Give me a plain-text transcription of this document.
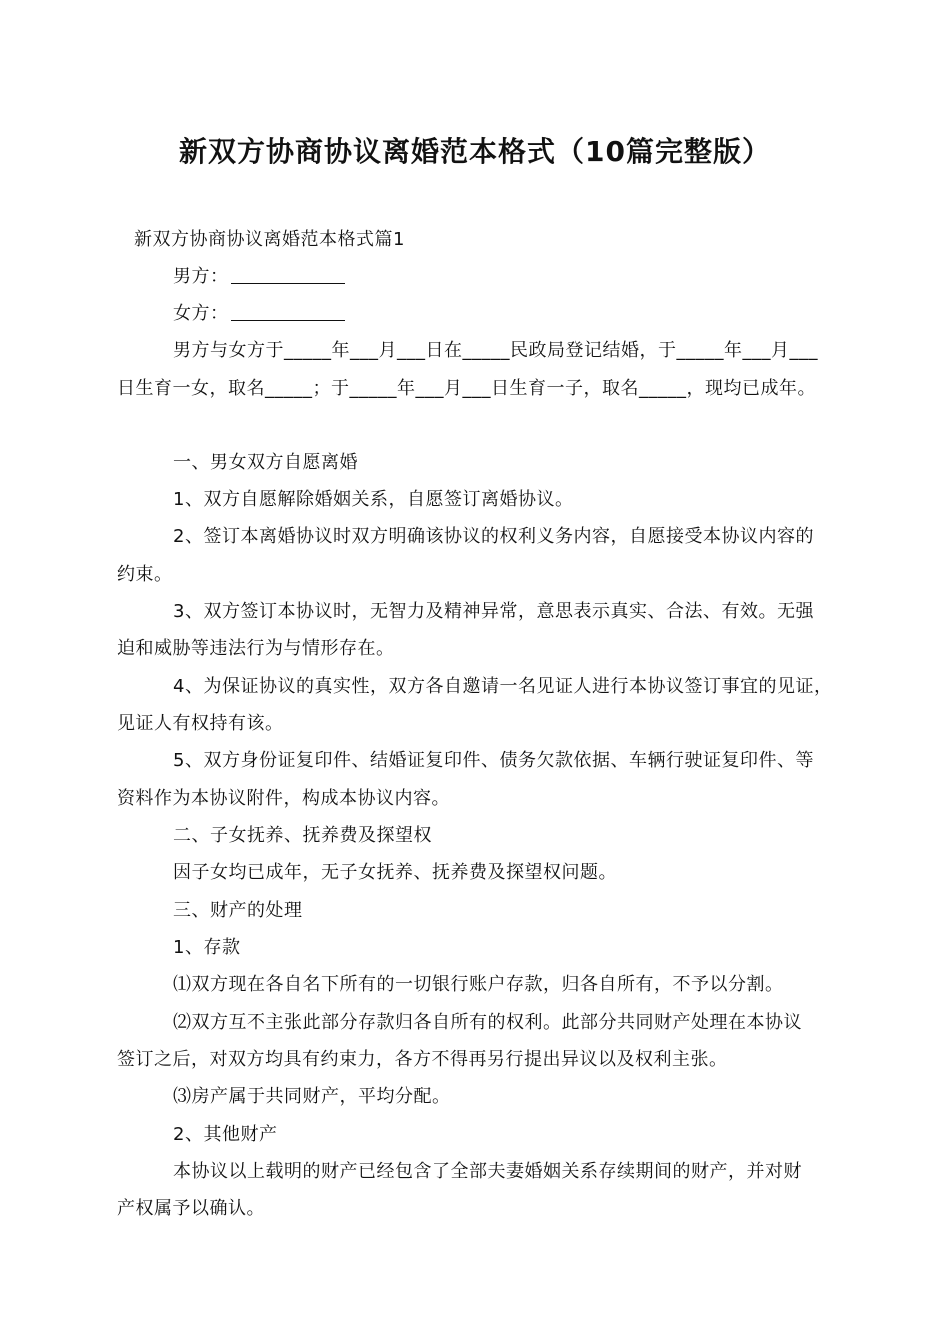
新双方协商协议离婚范本格式（10篇完整版）
新双方协商协议离婚范本格式篇1
男方：
女方：
男方与女方于_____年___月___日在_____民政局登记结婚，于_____年___月___
日生育一女，取名_____；于_____年___月___日生育一子，取名_____，现均已成年。
一、男女双方自愿离婚
1、双方自愿解除婚姻关系，自愿签订离婚协议。
2、签订本离婚协议时双方明确该协议的权利义务内容，自愿接受本协议内容的
约束。
3、双方签订本协议时，无智力及精神异常，意思表示真实、合法、有效。无强
迫和威胁等违法行为与情形存在。
4、为保证协议的真实性，双方各自邀请一名见证人进行本协议签订事宜的见证，
见证人有权持有该。
5、双方身份证复印件、结婚证复印件、债务欠款依据、车辆行驶证复印件、等
资料作为本协议附件，构成本协议内容。
二、子女抚养、抚养费及探望权
因子女均已成年，无子女抚养、抚养费及探望权问题。
三、财产的处理
1、存款
⑴双方现在各自名下所有的一切银行账户存款，归各自所有，不予以分割。
⑵双方互不主张此部分存款归各自所有的权利。此部分共同财产处理在本协议
签订之后，对双方均具有约束力，各方不得再另行提出异议以及权利主张。
⑶房产属于共同财产，平均分配。
2、其他财产
本协议以上载明的财产已经包含了全部夫妻婚姻关系存续期间的财产，并对财
产权属予以确认。
